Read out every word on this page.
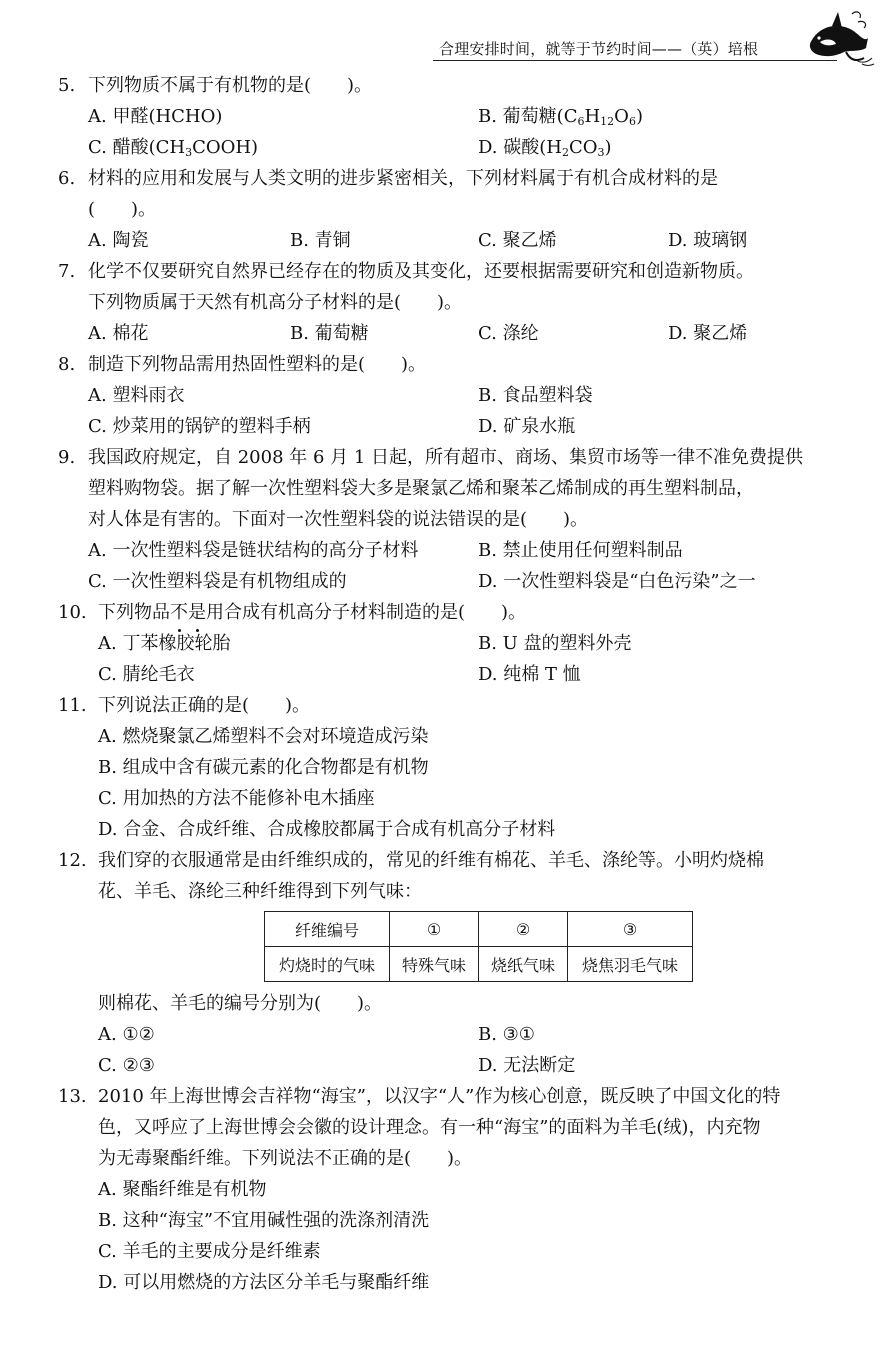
合理安排时间，就等于节约时间——（英）培根
5. 下列物质不属于有机物的是(　　)。
A. 甲醛(HCHO)	B. 葡萄糖$(C_6H_{12}O_6)$
C. 醋酸$(CH_3COOH)$	D. 碳酸$(H_2CO_3)$
6. 材料的应用和发展与人类文明的进步紧密相关，下列材料属于有机合成材料的是
(　　)。
A. 陶瓷	B. 青铜	C. 聚乙烯	D. 玻璃钢
7. 化学不仅要研究自然界已经存在的物质及其变化，还要根据需要研究和创造新物质。
下列物质属于天然有机高分子材料的是(　　)。
A. 棉花	B. 葡萄糖	C. 涤纶	D. 聚乙烯
8. 制造下列物品需用热固性塑料的是(　　)。
A. 塑料雨衣	B. 食品塑料袋
C. 炒菜用的锅铲的塑料手柄	D. 矿泉水瓶
9. 我国政府规定，自 2008 年 6 月 1 日起，所有超市、商场、集贸市场等一律不准免费提供
塑料购物袋。据了解一次性塑料袋大多是聚氯乙烯和聚苯乙烯制成的再生塑料制品，
对人体是有害的。下面对一次性塑料袋的说法错误的是(　　)。
A. 一次性塑料袋是链状结构的高分子材料	B. 禁止使用任何塑料制品
C. 一次性塑料袋是有机物组成的	D. 一次性塑料袋是“白色污染”之一
10. 下列物品不是用合成有机高分子材料制造的是(　　)。
A. 丁苯橡胶轮胎	B. U 盘的塑料外壳
C. 腈纶毛衣	D. 纯棉 T 恤
11. 下列说法正确的是(　　)。
A. 燃烧聚氯乙烯塑料不会对环境造成污染
B. 组成中含有碳元素的化合物都是有机物
C. 用加热的方法不能修补电木插座
D. 合金、合成纤维、合成橡胶都属于合成有机高分子材料
12. 我们穿的衣服通常是由纤维织成的，常见的纤维有棉花、羊毛、涤纶等。小明灼烧棉
花、羊毛、涤纶三种纤维得到下列气味：
纤维编号	①	②	③
灼烧时的气味	特殊气味	烧纸气味	烧焦羽毛气味
则棉花、羊毛的编号分别为(　　)。
A. ①②	B. ③①
C. ②③	D. 无法断定
13. 2010 年上海世博会吉祥物“海宝”，以汉字“人”作为核心创意，既反映了中国文化的特
色，又呼应了上海世博会会徽的设计理念。有一种“海宝”的面料为羊毛(绒)，内充物
为无毒聚酯纤维。下列说法不正确的是(　　)。
A. 聚酯纤维是有机物
B. 这种“海宝”不宜用碱性强的洗涤剂清洗
C. 羊毛的主要成分是纤维素
D. 可以用燃烧的方法区分羊毛与聚酯纤维
